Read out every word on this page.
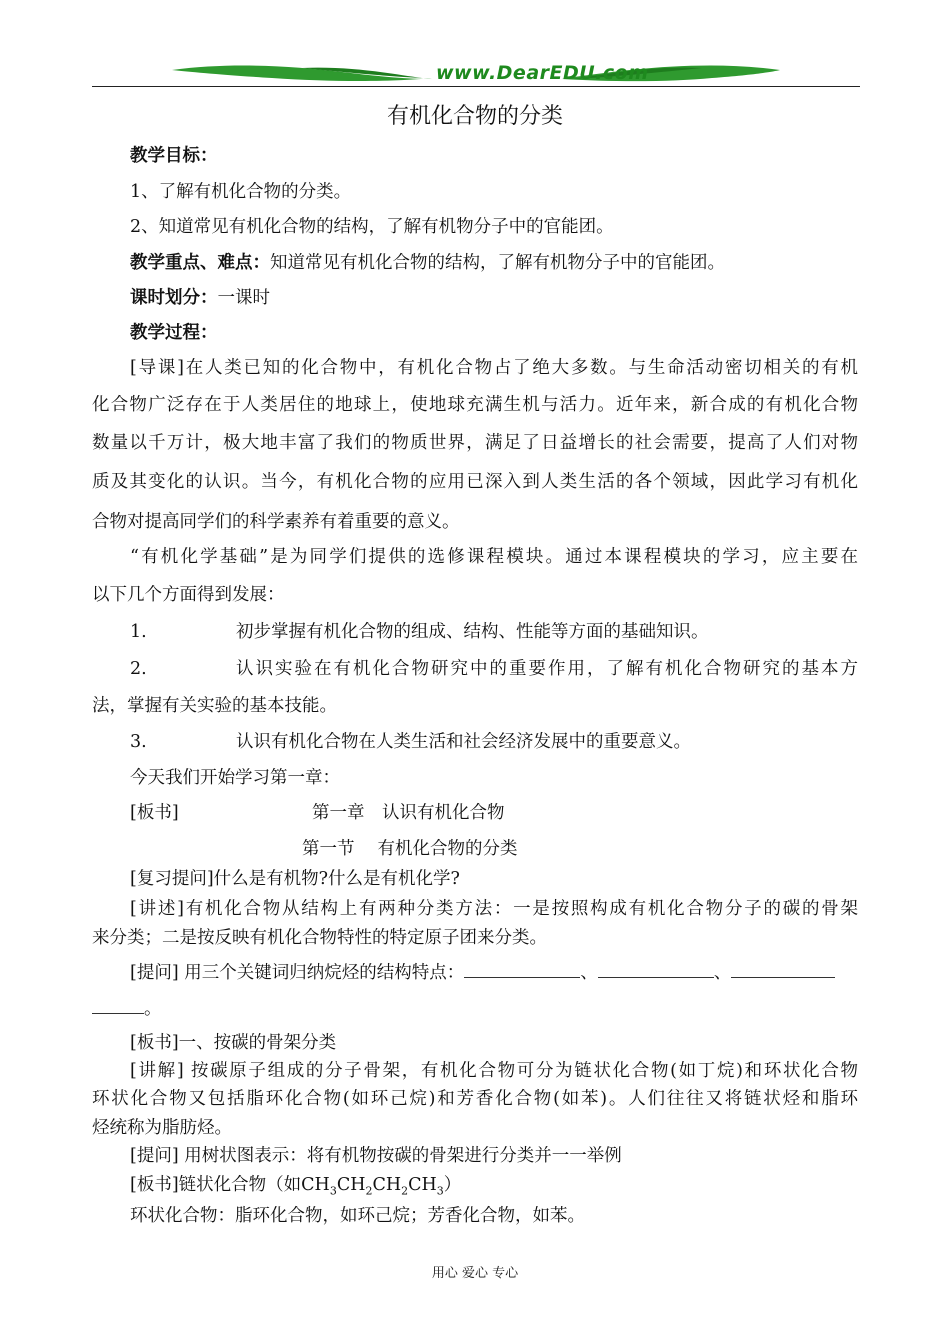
www.DearEDU.com
有机化合物的分类
教学目标：
1、了解有机化合物的分类。
2、知道常见有机化合物的结构，了解有机物分子中的官能团。
教学重点、难点：知道常见有机化合物的结构，了解有机物分子中的官能团。
课时划分：一课时
教学过程：
[导课]在人类已知的化合物中，有机化合物占了绝大多数。与生命活动密切相关的有机
化合物广泛存在于人类居住的地球上，使地球充满生机与活力。近年来，新合成的有机化合物
数量以千万计，极大地丰富了我们的物质世界，满足了日益增长的社会需要，提高了人们对物
质及其变化的认识。当今，有机化合物的应用已深入到人类生活的各个领域，因此学习有机化
合物对提高同学们的科学素养有着重要的意义。
“有机化学基础”是为同学们提供的选修课程模块。通过本课程模块的学习，应主要在
以下几个方面得到发展：
1.	初步掌握有机化合物的组成、结构、性能等方面的基础知识。
2.	认识实验在有机化合物研究中的重要作用，了解有机化合物研究的基本方
法，掌握有关实验的基本技能。
3.	认识有机化合物在人类生活和社会经济发展中的重要意义。
今天我们开始学习第一章：
[板书]	第一章　认识有机化合物
第一节　 有机化合物的分类
[复习提问]什么是有机物?什么是有机化学?
[讲述]有机化合物从结构上有两种分类方法：一是按照构成有机化合物分子的碳的骨架
来分类；二是按反映有机化合物特性的特定原子团来分类。
[提问] 用三个关键词归纳烷烃的结构特点：	、	、
。
[板书]一、按碳的骨架分类
[讲解] 按碳原子组成的分子骨架，有机化合物可分为链状化合物(如丁烷)和环状化合物
环状化合物又包括脂环化合物(如环己烷)和芳香化合物(如苯)。人们往往又将链状烃和脂环
烃统称为脂肪烃。
[提问] 用树状图表示：将有机物按碳的骨架进行分类并一一举例
[板书]链状化合物（如$CH_3CH_2CH_2CH_3$）
环状化合物：脂环化合物，如环己烷；芳香化合物，如苯。
用心 爱心 专心
